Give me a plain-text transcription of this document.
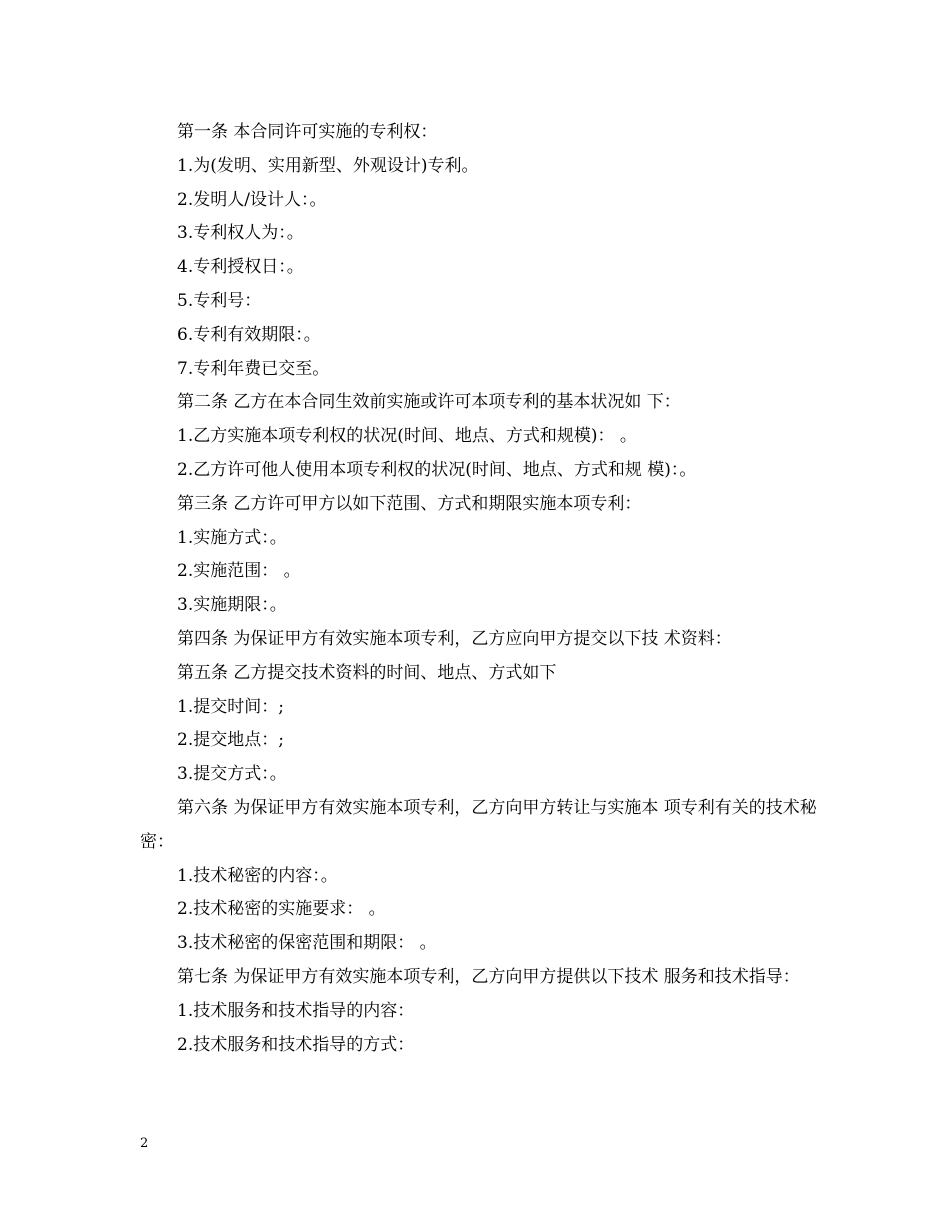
第一条 本合同许可实施的专利权：
1.为(发明、实用新型、外观设计)专利。
2.发明人/设计人：。
3.专利权人为：。
4.专利授权日：。
5.专利号：
6.专利有效期限：。
7.专利年费已交至。
第二条 乙方在本合同生效前实施或许可本项专利的基本状况如 下：
1.乙方实施本项专利权的状况(时间、地点、方式和规模)： 。
2.乙方许可他人使用本项专利权的状况(时间、地点、方式和规 模)：。
第三条 乙方许可甲方以如下范围、方式和期限实施本项专利：
1.实施方式：。
2.实施范围： 。
3.实施期限：。
第四条 为保证甲方有效实施本项专利，乙方应向甲方提交以下技 术资料：
第五条 乙方提交技术资料的时间、地点、方式如下
1.提交时间：;
2.提交地点：;
3.提交方式：。
第六条 为保证甲方有效实施本项专利，乙方向甲方转让与实施本 项专利有关的技术秘密：
1.技术秘密的内容：。
2.技术秘密的实施要求： 。
3.技术秘密的保密范围和期限： 。
第七条 为保证甲方有效实施本项专利，乙方向甲方提供以下技术 服务和技术指导：
1.技术服务和技术指导的内容：
2.技术服务和技术指导的方式：
2
